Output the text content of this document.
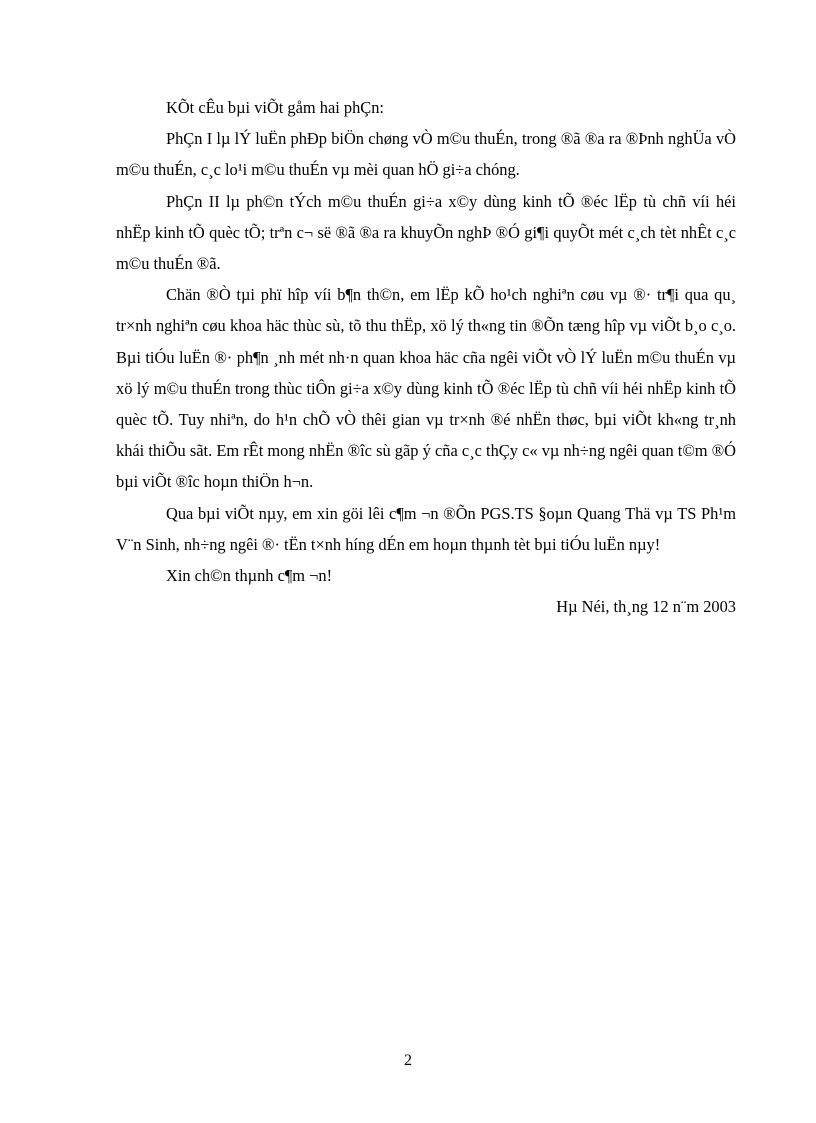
KÕt cÊu bµi viÕt gåm hai phÇn:

PhÇn I lµ lÝ luËn phÐp biÖn chøng vÒ m©u thuÉn, trong ®ã ®a ra ®Þnh nghÜa vÒ m©u thuÉn, c¸c lo¹i m©u thuÉn vµ mèi quan hÖ gi÷a chóng.

PhÇn II lµ ph©n tÝch m©u thuÉn gi÷a x©y dùng kinh tÕ ®éc lËp tù chñ víi héi nhËp kinh tÕ quèc tÕ; trªn c¬ së ®ã ®a ra khuyÕn nghÞ ®Ó gi¶i quyÕt mét c¸ch tèt nhÊt c¸c m©u thuÉn ®ã.

Chän ®Ò tµi phï hîp víi b¶n th©n, em lËp kÕ ho¹ch nghiªn cøu vµ ®· tr¶i qua qu¸ tr×nh nghiªn cøu khoa häc thùc sù, tõ thu thËp, xö lý th«ng tin ®Õn tæng hîp vµ viÕt b¸o c¸o. Bµi tiÓu luËn ®· ph¶n ¸nh mét nh·n quan khoa häc cña ngêi viÕt vÒ lÝ luËn m©u thuÉn vµ xö lý m©u thuÉn trong thùc tiÔn gi÷a x©y dùng kinh tÕ ®éc lËp tù chñ víi héi nhËp kinh tÕ quèc tÕ. Tuy nhiªn, do h¹n chÕ vÒ thêi gian vµ tr×nh ®é nhËn thøc, bµi viÕt kh«ng tr¸nh khái thiÕu sãt. Em rÊt mong nhËn ®îc sù gãp ý cña c¸c thÇy c« vµ nh÷ng ngêi quan t©m ®Ó bµi viÕt ®îc hoµn thiÖn h¬n.

Qua bµi viÕt nµy, em xin göi lêi c¶m ¬n ®Õn PGS.TS §oµn Quang Thä vµ TS Ph¹m V¨n Sinh, nh÷ng ngêi ®· tËn t×nh híng dÉn em hoµn thµnh tèt bµi tiÓu luËn nµy!

Xin ch©n thµnh c¶m ¬n!

Hµ Néi, th¸ng 12 n¨m 2003

2
